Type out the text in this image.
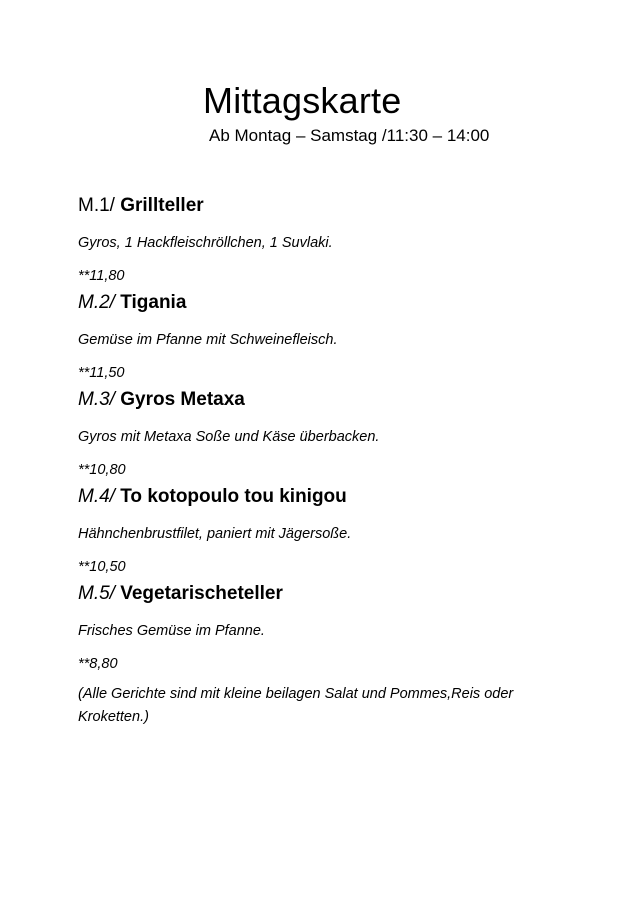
Mittagskarte
Ab Montag – Samstag /11:30 – 14:00
M.1/ Grillteller
Gyros, 1 Hackfleischröllchen, 1 Suvlaki.
**11,80
M.2/ Tigania
Gemüse im Pfanne mit Schweinefleisch.
**11,50
M.3/ Gyros Metaxa
Gyros mit Metaxa Soße und Käse überbacken.
**10,80
M.4/ To kotopoulo tou kinigou
Hähnchenbrustfilet, paniert mit Jägersoße.
**10,50
M.5/ Vegetarischeteller
Frisches Gemüse im Pfanne.
**8,80
(Alle Gerichte sind mit kleine beilagen Salat und Pommes,Reis oder Kroketten.)
